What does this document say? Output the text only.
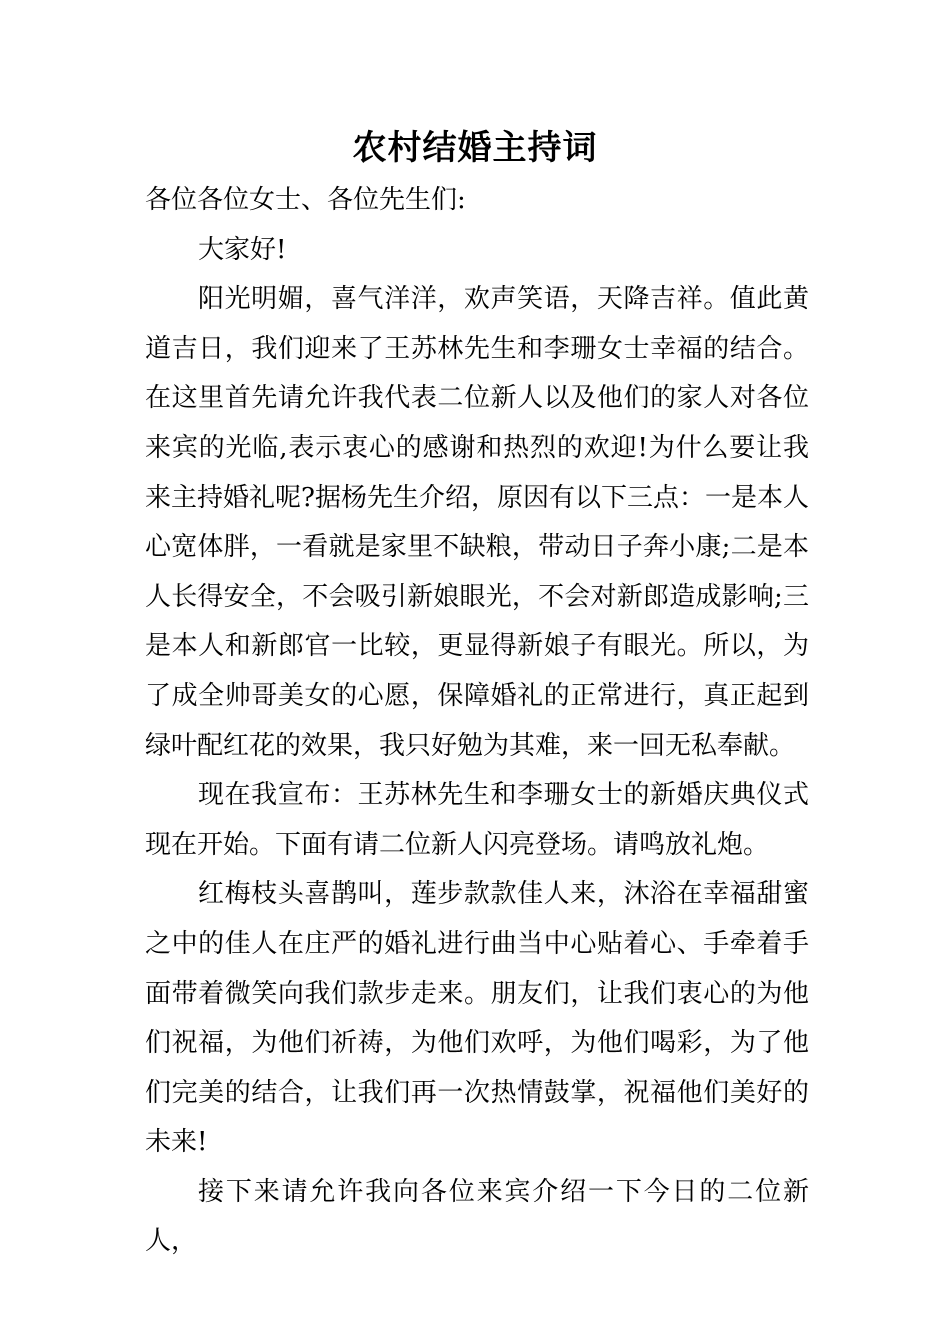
农村结婚主持词

各位各位女士、各位先生们:

大家好!

阳光明媚，喜气洋洋，欢声笑语，天降吉祥。值此黄道吉日，我们迎来了王苏林先生和李珊女士幸福的结合。在这里首先请允许我代表二位新人以及他们的家人对各位来宾的光临,表示衷心的感谢和热烈的欢迎!为什么要让我来主持婚礼呢?据杨先生介绍，原因有以下三点：一是本人心宽体胖，一看就是家里不缺粮，带动日子奔小康;二是本人长得安全，不会吸引新娘眼光，不会对新郎造成影响;三是本人和新郎官一比较，更显得新娘子有眼光。所以，为了成全帅哥美女的心愿，保障婚礼的正常进行，真正起到绿叶配红花的效果，我只好勉为其难，来一回无私奉献。

现在我宣布：王苏林先生和李珊女士的新婚庆典仪式现在开始。下面有请二位新人闪亮登场。请鸣放礼炮。

红梅枝头喜鹊叫，莲步款款佳人来，沐浴在幸福甜蜜之中的佳人在庄严的婚礼进行曲当中心贴着心、手牵着手面带着微笑向我们款步走来。朋友们，让我们衷心的为他们祝福，为他们祈祷，为他们欢呼，为他们喝彩，为了他们完美的结合，让我们再一次热情鼓掌，祝福他们美好的未来!

接下来请允许我向各位来宾介绍一下今日的二位新人，
